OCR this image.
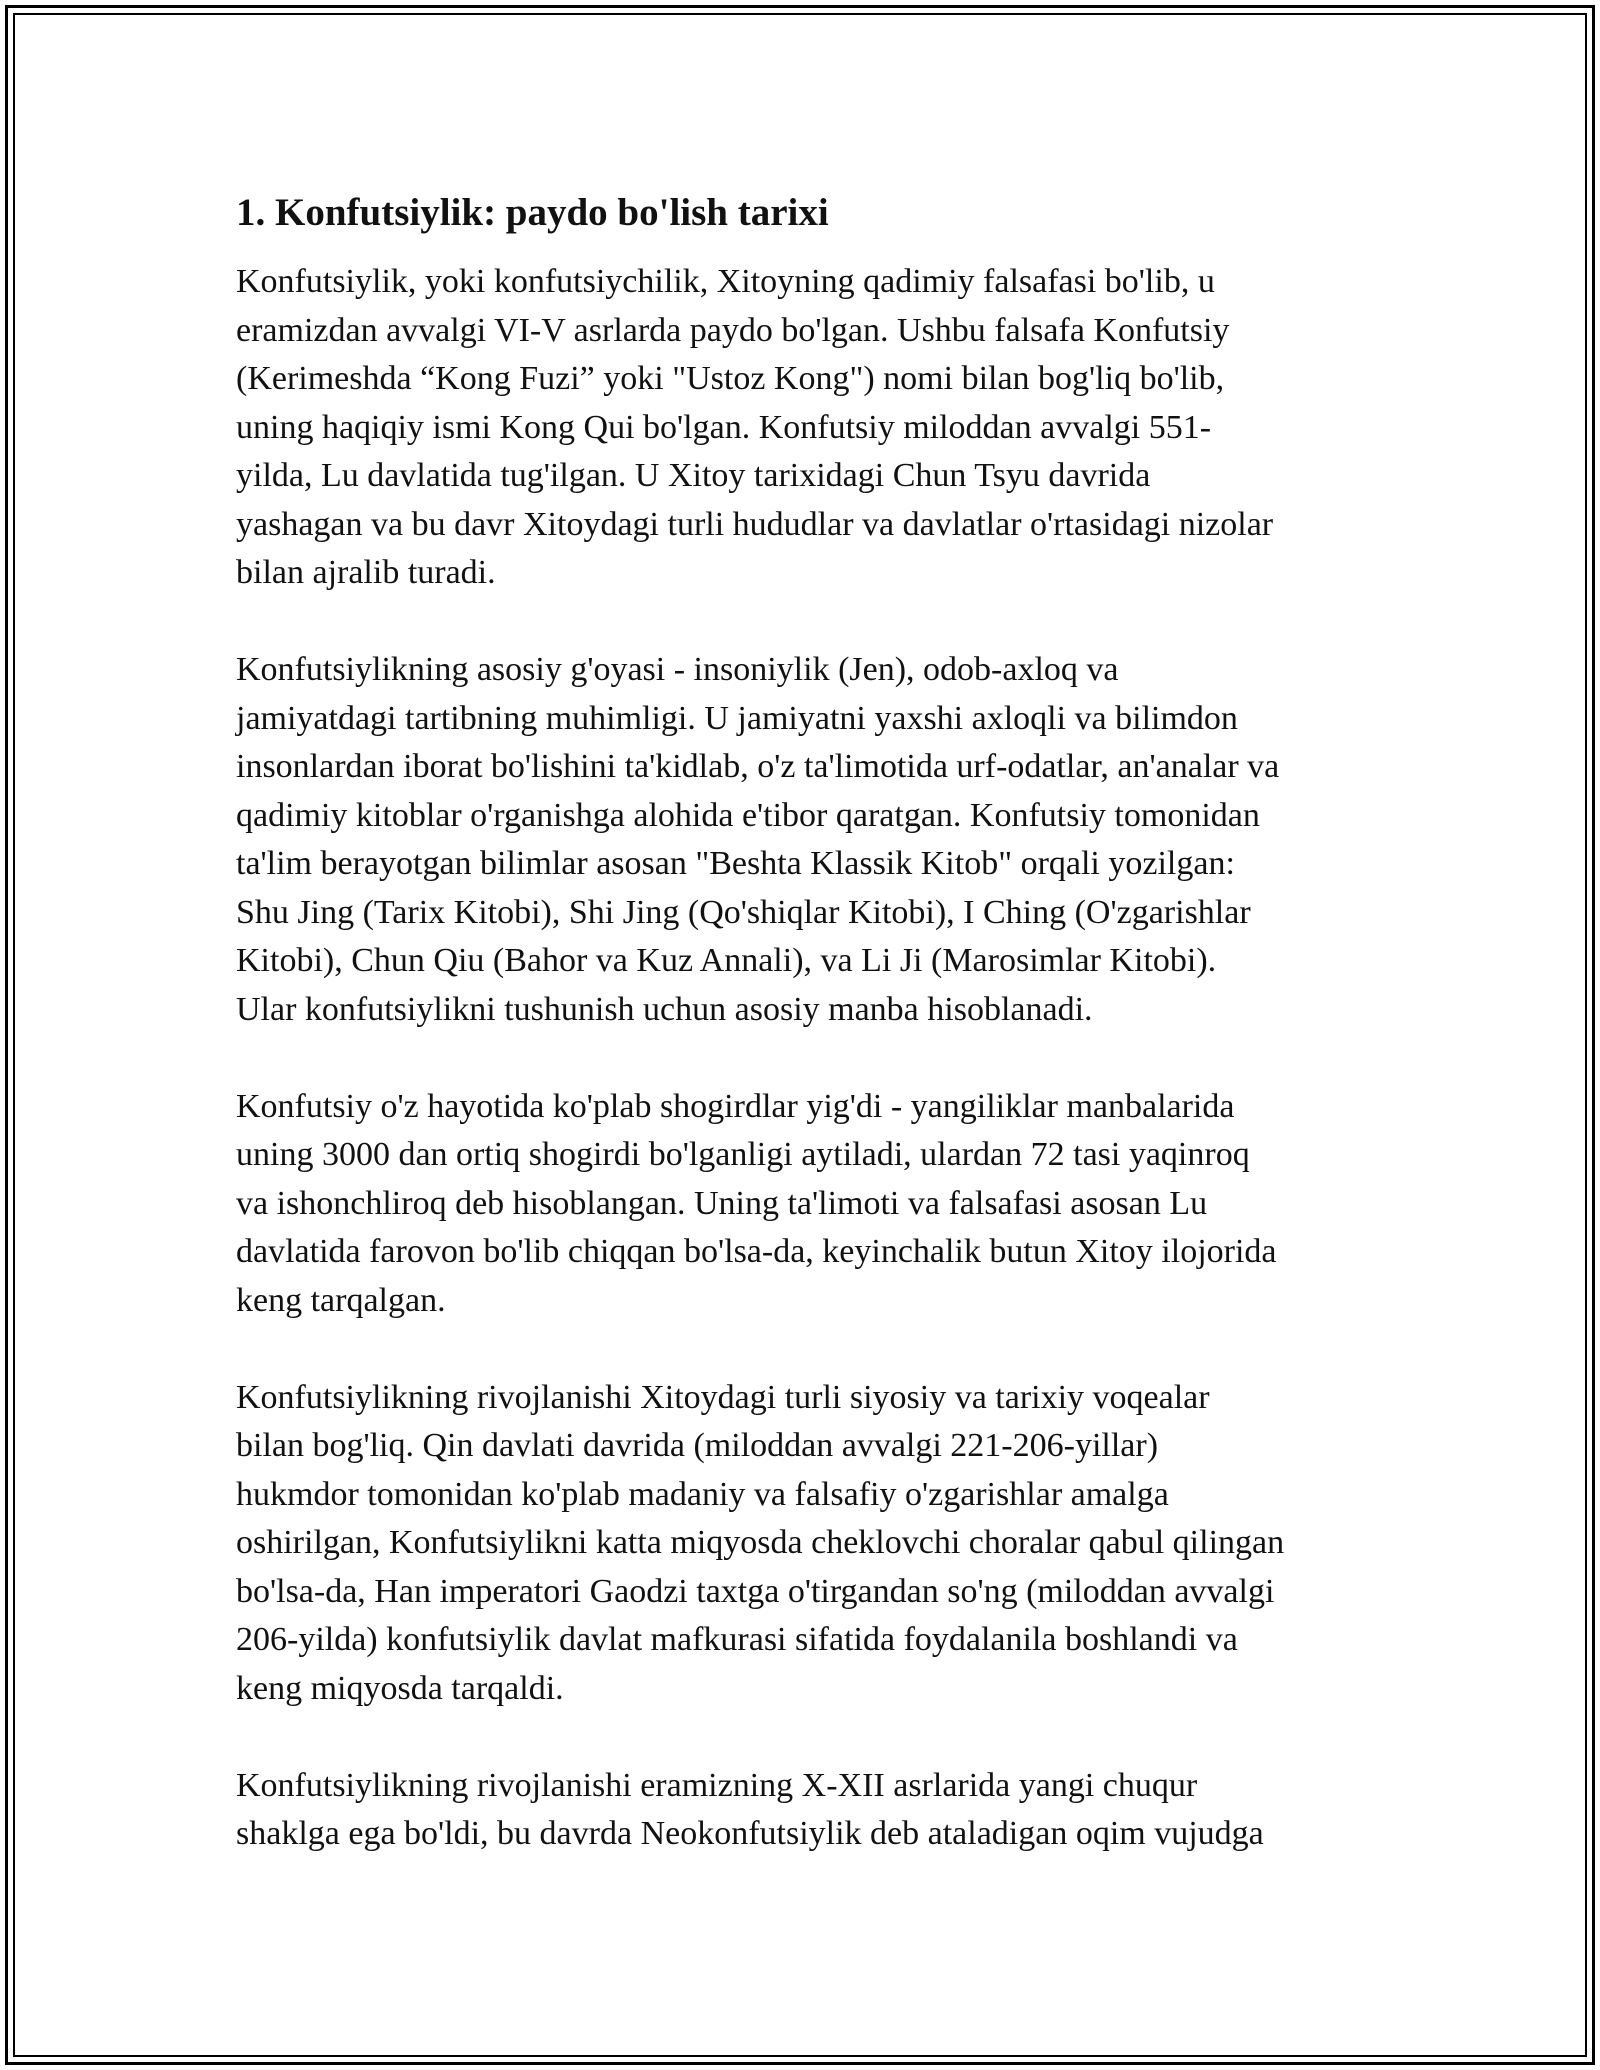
1. Konfutsiylik: paydo bo'lish tarixi
Konfutsiylik, yoki konfutsiychilik, Xitoyning qadimiy falsafasi bo'lib, u
eramizdan avvalgi VI-V asrlarda paydo bo'lgan. Ushbu falsafa Konfutsiy
(Kerimeshda “Kong Fuzi” yoki "Ustoz Kong") nomi bilan bog'liq bo'lib,
uning haqiqiy ismi Kong Qui bo'lgan. Konfutsiy miloddan avvalgi 551-
yilda, Lu davlatida tug'ilgan. U Xitoy tarixidagi Chun Tsyu davrida
yashagan va bu davr Xitoydagi turli hududlar va davlatlar o'rtasidagi nizolar
bilan ajralib turadi.
Konfutsiylikning asosiy g'oyasi - insoniylik (Jen), odob-axloq va
jamiyatdagi tartibning muhimligi. U jamiyatni yaxshi axloqli va bilimdon
insonlardan iborat bo'lishini ta'kidlab, o'z ta'limotida urf-odatlar, an'analar va
qadimiy kitoblar o'rganishga alohida e'tibor qaratgan. Konfutsiy tomonidan
ta'lim berayotgan bilimlar asosan "Beshta Klassik Kitob" orqali yozilgan:
Shu Jing (Tarix Kitobi), Shi Jing (Qo'shiqlar Kitobi), I Ching (O'zgarishlar
Kitobi), Chun Qiu (Bahor va Kuz Annali), va Li Ji (Marosimlar Kitobi).
Ular konfutsiylikni tushunish uchun asosiy manba hisoblanadi.
Konfutsiy o'z hayotida ko'plab shogirdlar yig'di - yangiliklar manbalarida
uning 3000 dan ortiq shogirdi bo'lganligi aytiladi, ulardan 72 tasi yaqinroq
va ishonchliroq deb hisoblangan. Uning ta'limoti va falsafasi asosan Lu
davlatida farovon bo'lib chiqqan bo'lsa-da, keyinchalik butun Xitoy ilojorida
keng tarqalgan.
Konfutsiylikning rivojlanishi Xitoydagi turli siyosiy va tarixiy voqealar
bilan bog'liq. Qin davlati davrida (miloddan avvalgi 221-206-yillar)
hukmdor tomonidan ko'plab madaniy va falsafiy o'zgarishlar amalga
oshirilgan, Konfutsiylikni katta miqyosda cheklovchi choralar qabul qilingan
bo'lsa-da, Han imperatori Gaodzi taxtga o'tirgandan so'ng (miloddan avvalgi
206-yilda) konfutsiylik davlat mafkurasi sifatida foydalanila boshlandi va
keng miqyosda tarqaldi.
Konfutsiylikning rivojlanishi eramizning X-XII asrlarida yangi chuqur
shaklga ega bo'ldi, bu davrda Neokonfutsiylik deb ataladigan oqim vujudga
